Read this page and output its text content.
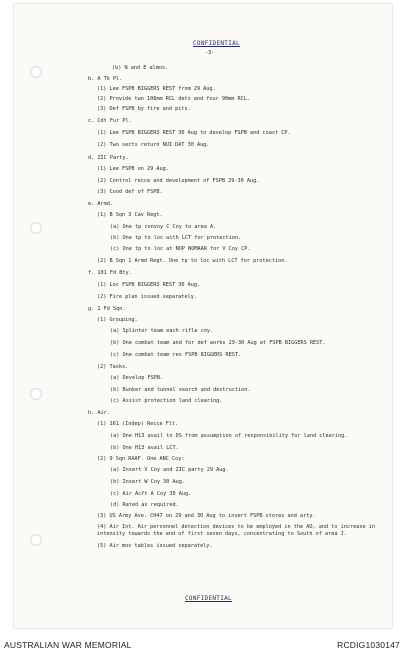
CONFIDENTIAL
-3-
(b) N and E almos.
b. A Tk Pl.
(1) Lee FSPB BIGGERS REST from 29 Aug.
(2) Provide two 106mm RCL dets and four 90mm RCL.
(3) Def FSPB by fire and pits.
c. Cdt Fur Pl.
(1) Lee FSPB BIGGERS REST 30 Aug to develop FSPB and coast CP.
(2) Two sects return NUI DAT 30 Aug.
d. ZIC Party.
(1) Lee FSPB on 29 Aug.
(2) Control recce and development of FSPB 29-30 Aug.
(3) Cood def of FSPB.
e. Armd.
(1) B Sqn 3 Cav Regt.
(a) One tp convoy C Coy to area A.
(b) One tp to loc with LCT for protection.
(c) One tp to loc at NUP NOMAAR for V Coy CP.
(2) B Sqn 1 Armd Regt. One tp to loc with LCT for protection.
f. 101 Fd Bty.
(1) Loc FSPB BIGGERS REST 30 Aug.
(2) Fire plan issued separately.
g. 1 Fd Sqn.
(1) Grouping.
(a) Splinter team each rifle coy.
(b) One combat team and for def works 29-30 Aug at FSPB BIGGERS REST.
(c) One combat team res FSPB BIGGERS REST.
(2) Tasks.
(a) Develop FSPB.
(b) Bunker and tunnel search and destruction.
(c) Assist protection land clearing.
h. Air.
(1) 161 (Indep) Recce Flt.
(a) One H13 avail to DS from assumption of responsibility for land clearing.
(b) One H13 avail LCT.
(2) 9 Sqn RAAF. One ANC Coy:
(a) Insert V Coy and ZIC party 29 Aug.
(b) Insert W Coy 30 Aug.
(c) Air Acft A Coy 30 Aug.
(d) Rated as required.
(3) US Army Ave. CH47 on 29 and 30 Aug to insert FSPB stores and arty.
(4) Air Int. Air personnel detection devices to be employed in the AO, and to increase in
intensity towards the end of first seven days, concentrating to South of area J.
(5) Air mov tables issued separately.
CONFIDENTIAL
AUSTRALIAN WAR MEMORIAL	RCDIG1030147
